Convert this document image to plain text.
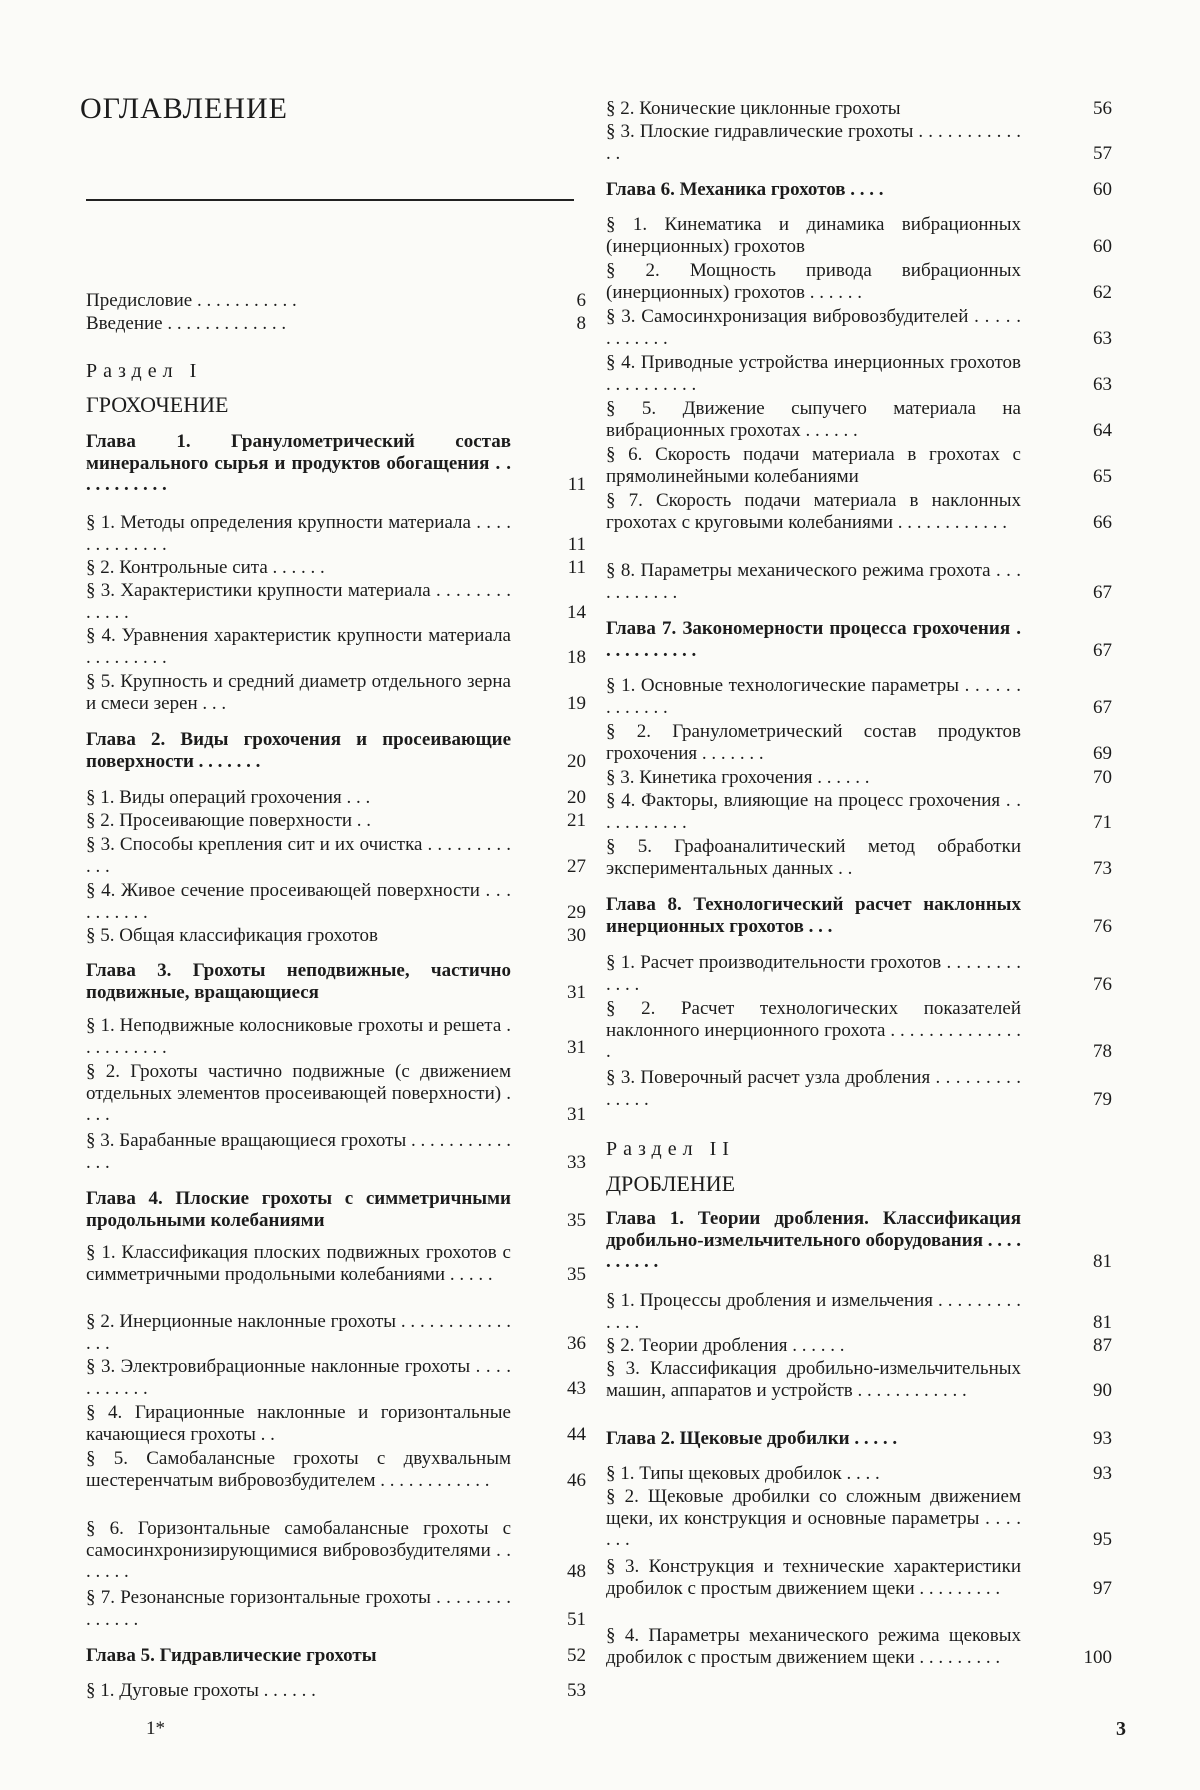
ОГЛАВЛЕНИЕ
Предисловие . . . . . . . . . . .	6
Введение . . . . . . . . . . . . .	8
Раздел I
ГРОХОЧЕНИЕ
Глава 1. Гранулометрический состав минерального сырья и продуктов обогащения . . . . . . . . . . .	11
§ 1. Методы определения крупности материала . . . . . . . . . . . . .	11
§ 2. Контрольные сита . . . . . .	11
§ 3. Характеристики крупности материала . . . . . . . . . . . . .	14
§ 4. Уравнения характеристик крупности материала . . . . . . . . .	18
§ 5. Крупность и средний диаметр отдельного зерна и смеси зерен . . .	19
Глава 2. Виды грохочения и просеивающие поверхности . . . . . . .	20
§ 1. Виды операций грохочения . . .	20
§ 2. Просеивающие поверхности . .	21
§ 3. Способы крепления сит и их очистка . . . . . . . . . . . .	27
§ 4. Живое сечение просеивающей поверхности . . . . . . . . . .	29
§ 5. Общая классификация грохотов	30
Глава 3. Грохоты неподвижные, частично подвижные, вращающиеся	31
§ 1. Неподвижные колосниковые грохоты и решета . . . . . . . . . .	31
§ 2. Грохоты частично подвижные (с движением отдельных элементов просеивающей поверхности) . . . .	31
§ 3. Барабанные вращающиеся грохоты . . . . . . . . . . . . . .	33
Глава 4. Плоские грохоты с симметричными продольными колебаниями	35
§ 1. Классификация плоских подвижных грохотов с симметричными продольными колебаниями . . . . .	35
§ 2. Инерционные наклонные грохоты . . . . . . . . . . . . . . .	36
§ 3. Электровибрационные наклонные грохоты . . . . . . . . . . .	43
§ 4. Гирационные наклонные и горизонтальные качающиеся грохоты . .	44
§ 5. Самобалансные грохоты с двухвальным шестеренчатым вибровозбудителем . . . . . . . . . . . .	46
§ 6. Горизонтальные самобалансные грохоты с самосинхронизирующимися вибровозбудителями . . . . . . .	48
§ 7. Резонансные горизонтальные грохоты . . . . . . . . . . . . . .	51
Глава 5. Гидравлические грохоты	52
§ 1. Дуговые грохоты . . . . . .	53
§ 2. Конические циклонные грохоты	56
§ 3. Плоские гидравлические грохоты . . . . . . . . . . . . .	57
Глава 6. Механика грохотов . . . .	60
§ 1. Кинематика и динамика вибрационных (инерционных) грохотов	60
§ 2. Мощность привода вибрационных (инерционных) грохотов . . . . . .	62
§ 3. Самосинхронизация вибровозбудителей . . . . . . . . . . . .	63
§ 4. Приводные устройства инерционных грохотов . . . . . . . . . .	63
§ 5. Движение сыпучего материала на вибрационных грохотах . . . . . .	64
§ 6. Скорость подачи материала в грохотах с прямолинейными колебаниями	65
§ 7. Скорость подачи материала в наклонных грохотах с круговыми колебаниями . . . . . . . . . . . .	66
§ 8. Параметры механического режима грохота . . . . . . . . . . .	67
Глава 7. Закономерности процесса грохочения . . . . . . . . . . .	67
§ 1. Основные технологические параметры . . . . . . . . . . . . .	67
§ 2. Гранулометрический состав продуктов грохочения . . . . . . .	69
§ 3. Кинетика грохочения . . . . . .	70
§ 4. Факторы, влияющие на процесс грохочения . . . . . . . . . . .	71
§ 5. Графоаналитический метод обработки экспериментальных данных . .	73
Глава 8. Технологический расчет наклонных инерционных грохотов . . .	76
§ 1. Расчет производительности грохотов . . . . . . . . . . . .	76
§ 2. Расчет технологических показателей наклонного инерционного грохота . . . . . . . . . . . . . . .	78
§ 3. Поверочный расчет узла дробления . . . . . . . . . . . . . .	79
Раздел II
ДРОБЛЕНИЕ
Глава 1. Теории дробления. Классификация дробильно-измельчительного оборудования . . . . . . . . . .	81
§ 1. Процессы дробления и измельчения . . . . . . . . . . . . .	81
§ 2. Теории дробления . . . . . .	87
§ 3. Классификация дробильно-измельчительных машин, аппаратов и устройств . . . . . . . . . . . .	90
Глава 2. Щековые дробилки . . . . .	93
§ 1. Типы щековых дробилок . . . .	93
§ 2. Щековые дробилки со сложным движением щеки, их конструкция и основные параметры . . . . . . .	95
§ 3. Конструкция и технические характеристики дробилок с простым движением щеки . . . . . . . . .	97
§ 4. Параметры механического режима щековых дробилок с простым движением щеки . . . . . . . . .	100
1*	3
